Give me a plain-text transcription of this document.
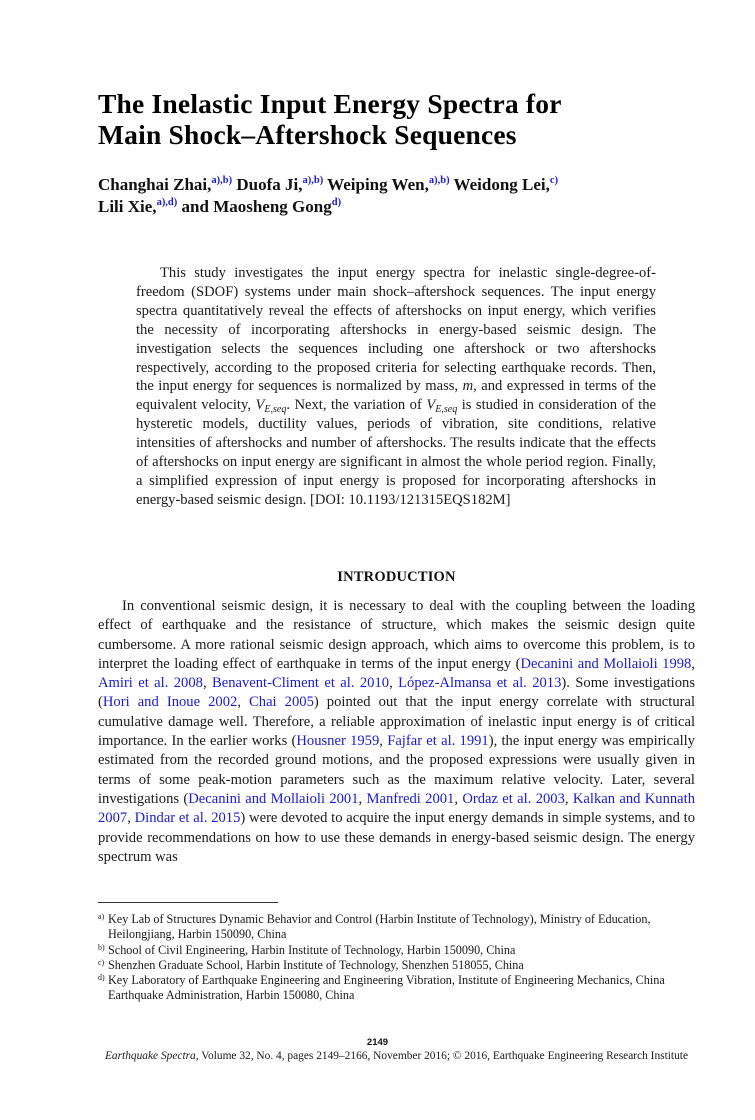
The Inelastic Input Energy Spectra for
Main Shock–Aftershock Sequences
Changhai Zhai,$^{a),b)}$ Duofa Ji,$^{a),b)}$ Weiping Wen,$^{a),b)}$ Weidong Lei,$^{c)}$
Lili Xie,$^{a),d)}$ and Maosheng Gong$^{d)}$

This study investigates the input energy spectra for inelastic single-degree-of-freedom (SDOF) systems under main shock–aftershock sequences. The input energy spectra quantitatively reveal the effects of aftershocks on input energy, which verifies the necessity of incorporating aftershocks in energy-based seismic design. The investigation selects the sequences including one aftershock or two aftershocks respectively, according to the proposed criteria for selecting earthquake records. Then, the input energy for sequences is normalized by mass, m, and expressed in terms of the equivalent velocity, $V_{E,seq}$. Next, the variation of $V_{E,seq}$ is studied in consideration of the hysteretic models, ductility values, periods of vibration, site conditions, relative intensities of aftershocks and number of aftershocks. The results indicate that the effects of aftershocks on input energy are significant in almost the whole period region. Finally, a simplified expression of input energy is proposed for incorporating aftershocks in energy-based seismic design. [DOI: 10.1193/121315EQS182M]

INTRODUCTION

In conventional seismic design, it is necessary to deal with the coupling between the loading effect of earthquake and the resistance of structure, which makes the seismic design quite cumbersome. A more rational seismic design approach, which aims to overcome this problem, is to interpret the loading effect of earthquake in terms of the input energy (Decanini and Mollaioli 1998, Amiri et al. 2008, Benavent-Climent et al. 2010, López-Almansa et al. 2013). Some investigations (Hori and Inoue 2002, Chai 2005) pointed out that the input energy correlate with structural cumulative damage well. Therefore, a reliable approximation of inelastic input energy is of critical importance. In the earlier works (Housner 1959, Fajfar et al. 1991), the input energy was empirically estimated from the recorded ground motions, and the proposed expressions were usually given in terms of some peak-motion parameters such as the maximum relative velocity. Later, several investigations (Decanini and Mollaioli 2001, Manfredi 2001, Ordaz et al. 2003, Kalkan and Kunnath 2007, Dindar et al. 2015) were devoted to acquire the input energy demands in simple systems, and to provide recommendations on how to use these demands in energy-based seismic design. The energy spectrum was

a) Key Lab of Structures Dynamic Behavior and Control (Harbin Institute of Technology), Ministry of Education, Heilongjiang, Harbin 150090, China

b) School of Civil Engineering, Harbin Institute of Technology, Harbin 150090, China

c) Shenzhen Graduate School, Harbin Institute of Technology, Shenzhen 518055, China

d) Key Laboratory of Earthquake Engineering and Engineering Vibration, Institute of Engineering Mechanics, China Earthquake Administration, Harbin 150080, China

2149
Earthquake Spectra, Volume 32, No. 4, pages 2149–2166, November 2016; © 2016, Earthquake Engineering Research Institute
